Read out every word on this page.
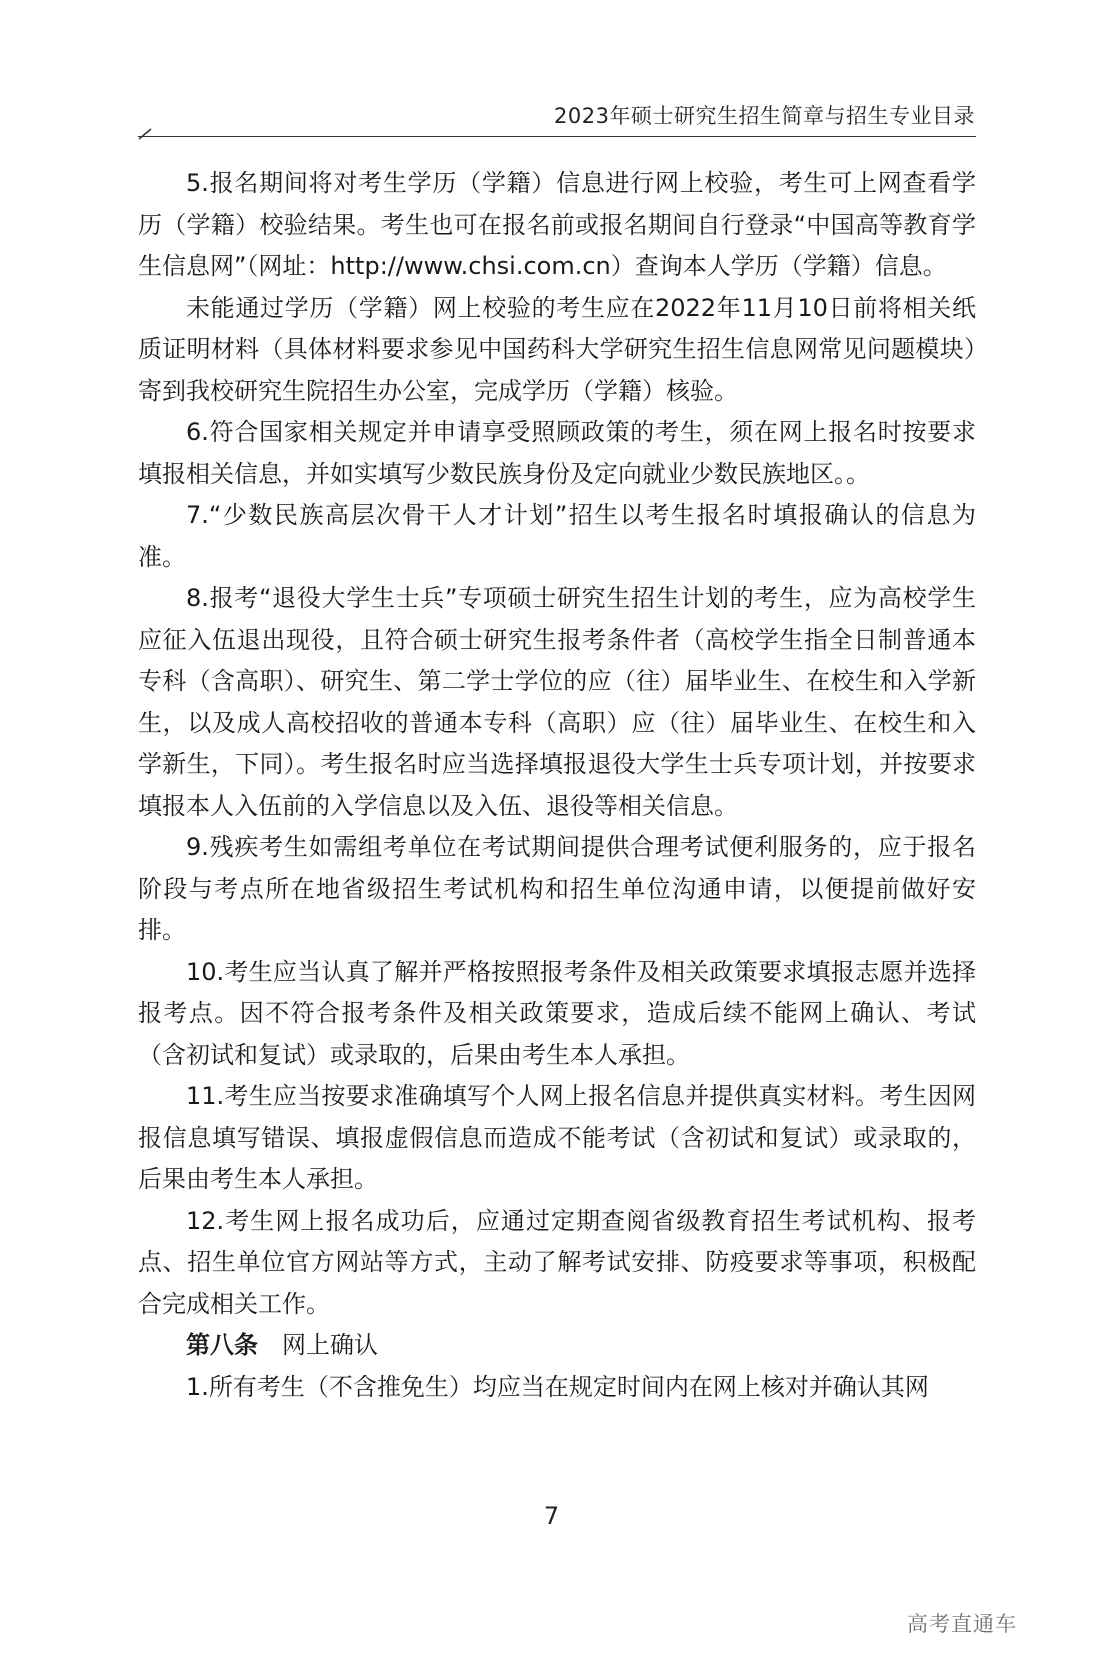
2023年硕士研究生招生简章与招生专业目录

5.报名期间将对考生学历（学籍）信息进行网上校验，考生可上网查看学历（学籍）校验结果。考生也可在报名前或报名期间自行登录“中国高等教育学生信息网”（网址：http://www.chsi.com.cn）查询本人学历（学籍）信息。

未能通过学历（学籍）网上校验的考生应在2022年11月10日前将相关纸质证明材料（具体材料要求参见中国药科大学研究生招生信息网常见问题模块）寄到我校研究生院招生办公室，完成学历（学籍）核验。

6.符合国家相关规定并申请享受照顾政策的考生，须在网上报名时按要求填报相关信息，并如实填写少数民族身份及定向就业少数民族地区。。

7.“少数民族高层次骨干人才计划”招生以考生报名时填报确认的信息为准。

8.报考“退役大学生士兵”专项硕士研究生招生计划的考生，应为高校学生应征入伍退出现役，且符合硕士研究生报考条件者（高校学生指全日制普通本专科（含高职）、研究生、第二学士学位的应（往）届毕业生、在校生和入学新生，以及成人高校招收的普通本专科（高职）应（往）届毕业生、在校生和入学新生，下同）。考生报名时应当选择填报退役大学生士兵专项计划，并按要求填报本人入伍前的入学信息以及入伍、退役等相关信息。

9.残疾考生如需组考单位在考试期间提供合理考试便利服务的，应于报名阶段与考点所在地省级招生考试机构和招生单位沟通申请，以便提前做好安排。

10.考生应当认真了解并严格按照报考条件及相关政策要求填报志愿并选择报考点。因不符合报考条件及相关政策要求，造成后续不能网上确认、考试（含初试和复试）或录取的，后果由考生本人承担。

11.考生应当按要求准确填写个人网上报名信息并提供真实材料。考生因网报信息填写错误、填报虚假信息而造成不能考试（含初试和复试）或录取的，后果由考生本人承担。

12.考生网上报名成功后，应通过定期查阅省级教育招生考试机构、报考点、招生单位官方网站等方式，主动了解考试安排、防疫要求等事项，积极配合完成相关工作。

第八条 网上确认

1.所有考生（不含推免生）均应当在规定时间内在网上核对并确认其网

7
高考直通车
